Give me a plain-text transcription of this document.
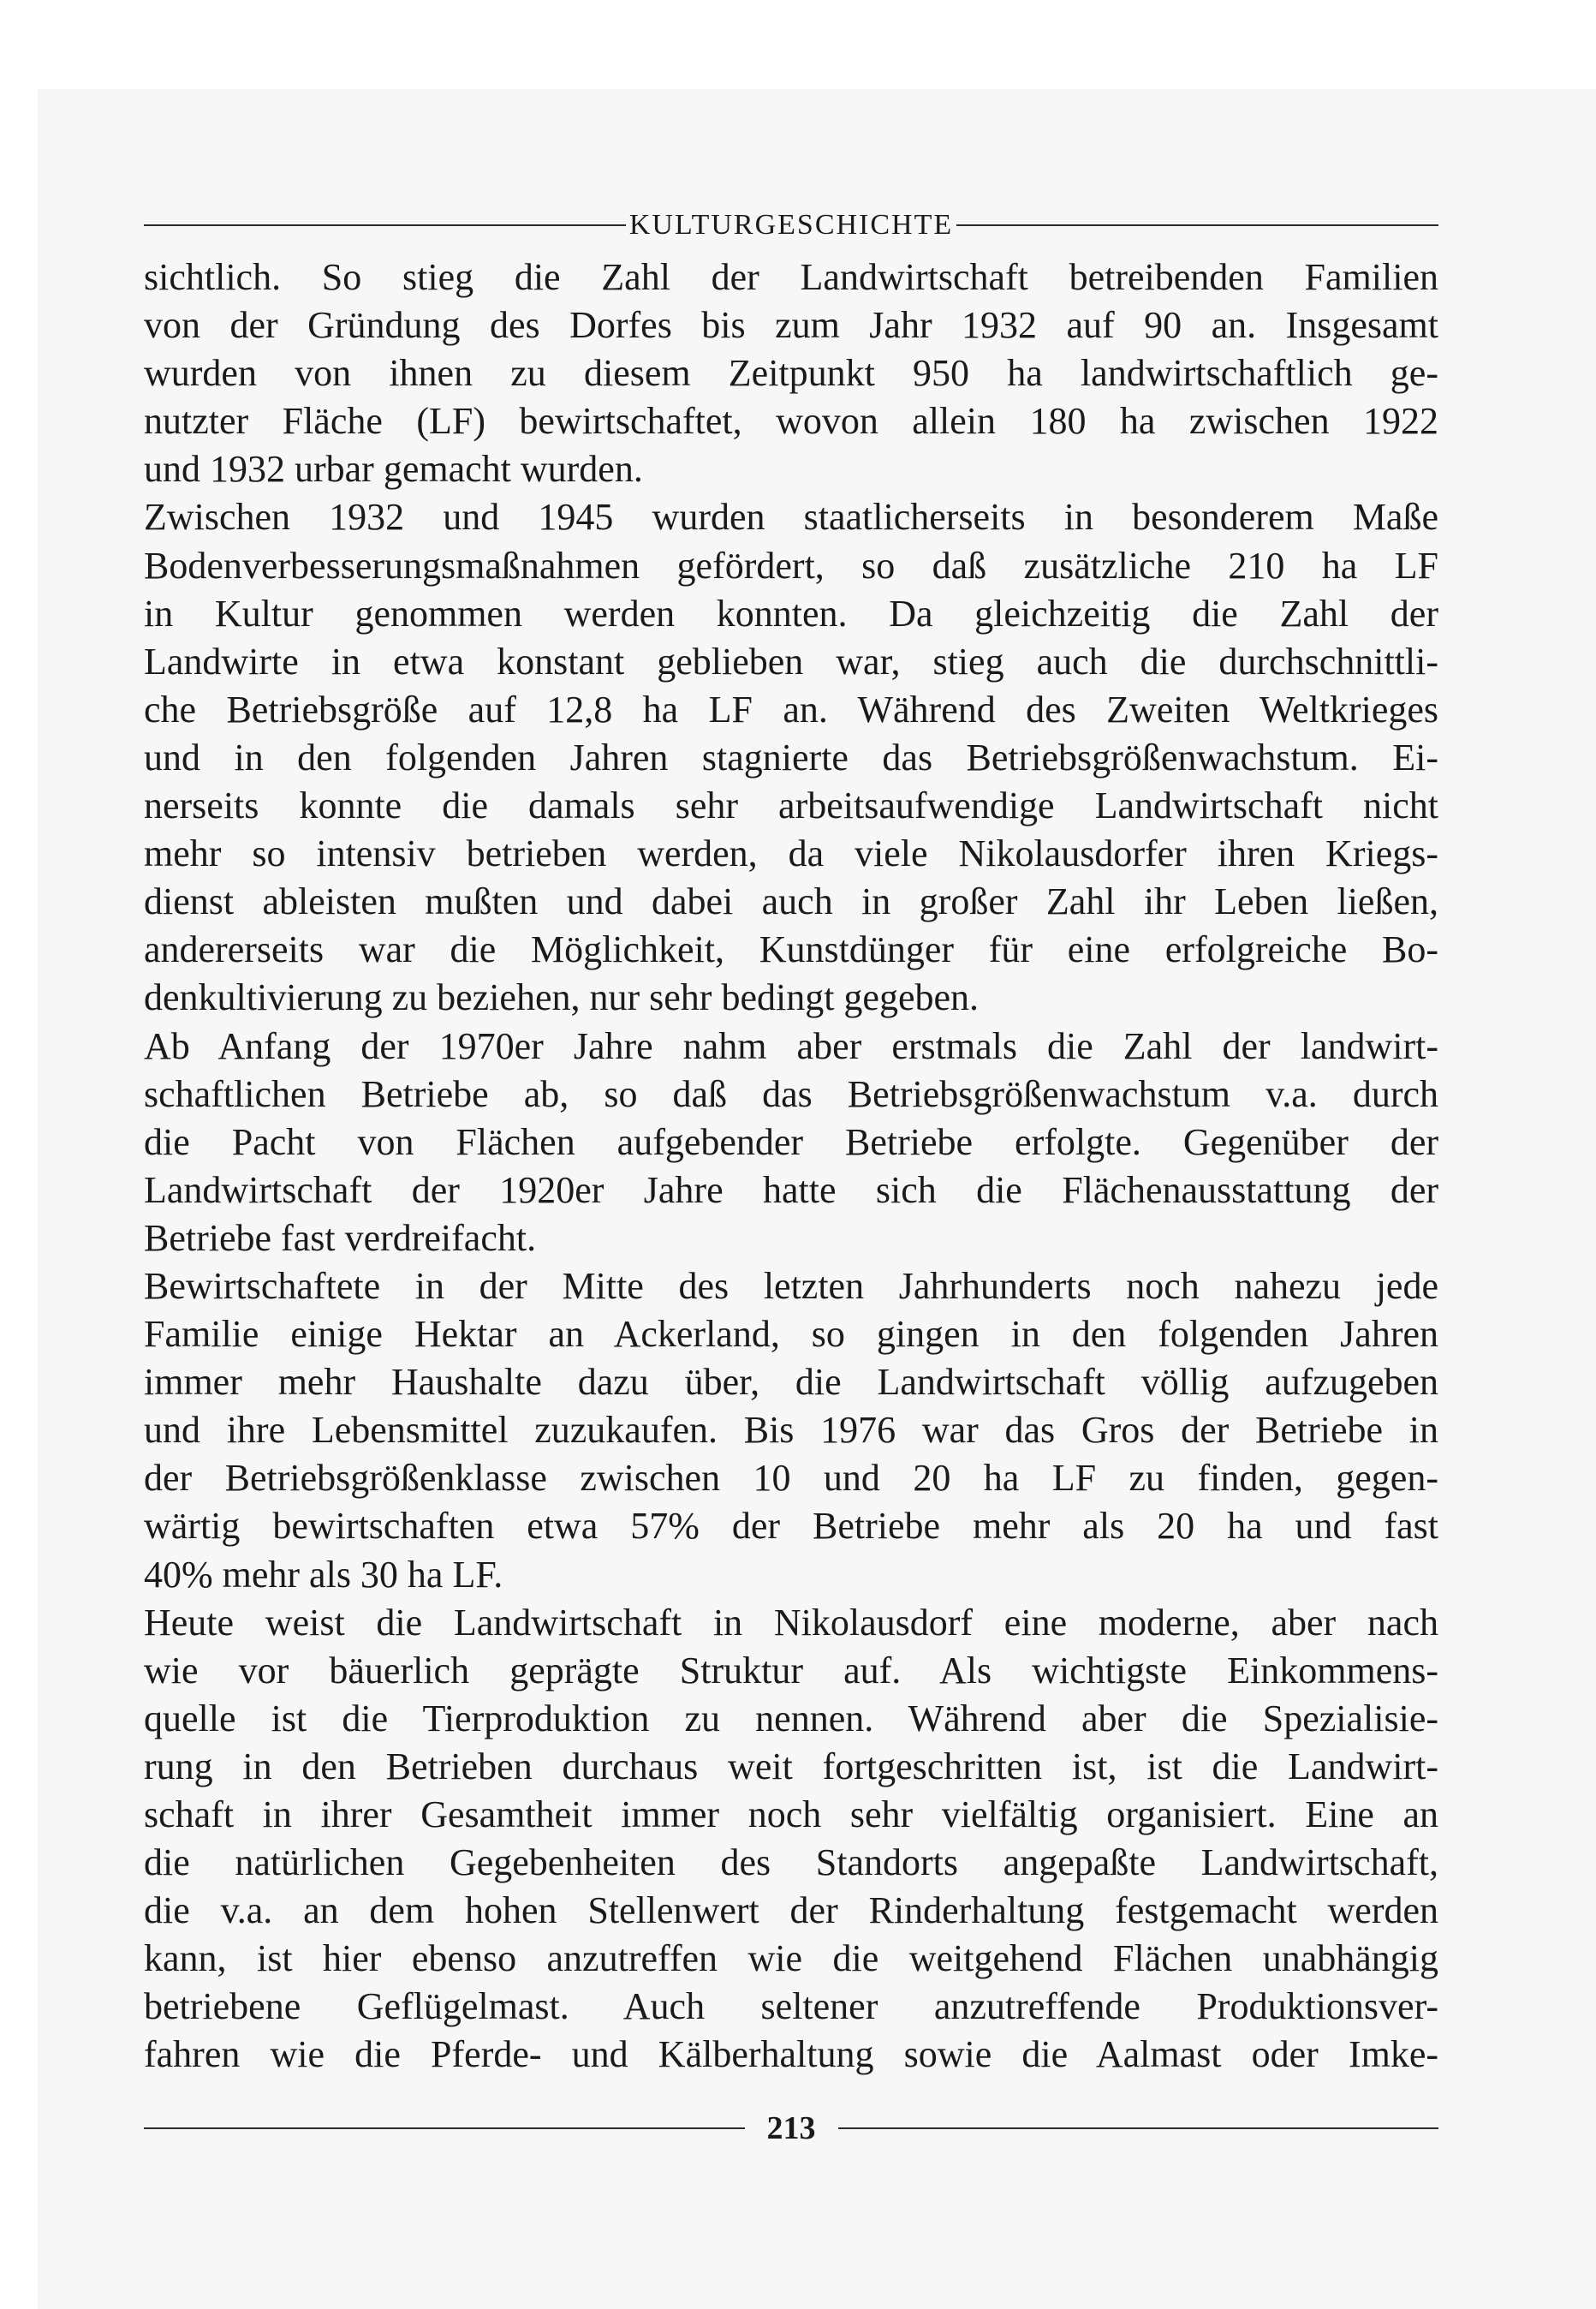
KULTURGESCHICHTE
sichtlich. So stieg die Zahl der Landwirtschaft betreibenden Familien
von der Gründung des Dorfes bis zum Jahr 1932 auf 90 an. Insgesamt
wurden von ihnen zu diesem Zeitpunkt 950 ha landwirtschaftlich ge-
nutzter Fläche (LF) bewirtschaftet, wovon allein 180 ha zwischen 1922
und 1932 urbar gemacht wurden.
Zwischen 1932 und 1945 wurden staatlicherseits in besonderem Maße
Bodenverbesserungsmaßnahmen gefördert, so daß zusätzliche 210 ha LF
in Kultur genommen werden konnten. Da gleichzeitig die Zahl der
Landwirte in etwa konstant geblieben war, stieg auch die durchschnittli-
che Betriebsgröße auf 12,8 ha LF an. Während des Zweiten Weltkrieges
und in den folgenden Jahren stagnierte das Betriebsgrößenwachstum. Ei-
nerseits konnte die damals sehr arbeitsaufwendige Landwirtschaft nicht
mehr so intensiv betrieben werden, da viele Nikolausdorfer ihren Kriegs-
dienst ableisten mußten und dabei auch in großer Zahl ihr Leben ließen,
andererseits war die Möglichkeit, Kunstdünger für eine erfolgreiche Bo-
denkultivierung zu beziehen, nur sehr bedingt gegeben.
Ab Anfang der 1970er Jahre nahm aber erstmals die Zahl der landwirt-
schaftlichen Betriebe ab, so daß das Betriebsgrößenwachstum v.a. durch
die Pacht von Flächen aufgebender Betriebe erfolgte. Gegenüber der
Landwirtschaft der 1920er Jahre hatte sich die Flächenausstattung der
Betriebe fast verdreifacht.
Bewirtschaftete in der Mitte des letzten Jahrhunderts noch nahezu jede
Familie einige Hektar an Ackerland, so gingen in den folgenden Jahren
immer mehr Haushalte dazu über, die Landwirtschaft völlig aufzugeben
und ihre Lebensmittel zuzukaufen. Bis 1976 war das Gros der Betriebe in
der Betriebsgrößenklasse zwischen 10 und 20 ha LF zu finden, gegen-
wärtig bewirtschaften etwa 57% der Betriebe mehr als 20 ha und fast
40% mehr als 30 ha LF.
Heute weist die Landwirtschaft in Nikolausdorf eine moderne, aber nach
wie vor bäuerlich geprägte Struktur auf. Als wichtigste Einkommens-
quelle ist die Tierproduktion zu nennen. Während aber die Spezialisie-
rung in den Betrieben durchaus weit fortgeschritten ist, ist die Landwirt-
schaft in ihrer Gesamtheit immer noch sehr vielfältig organisiert. Eine an
die natürlichen Gegebenheiten des Standorts angepaßte Landwirtschaft,
die v.a. an dem hohen Stellenwert der Rinderhaltung festgemacht werden
kann, ist hier ebenso anzutreffen wie die weitgehend Flächen unabhängig
betriebene Geflügelmast. Auch seltener anzutreffende Produktionsver-
fahren wie die Pferde- und Kälberhaltung sowie die Aalmast oder Imke-
213
